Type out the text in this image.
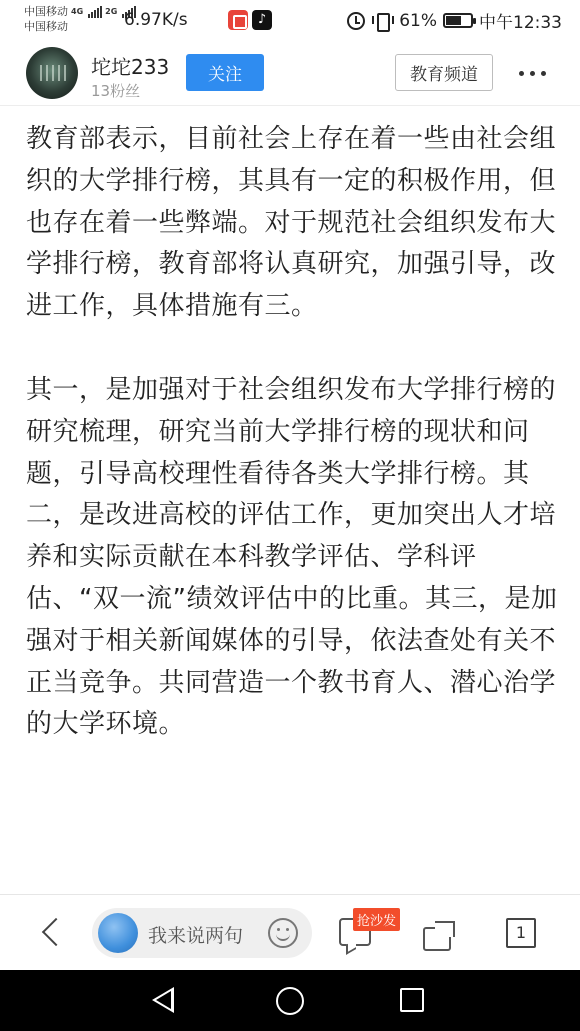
中国移动 4G	2G
中国移动	6.97K/s	♪	61% 中午12:33
坨坨233
13粉丝
关注	教育频道

教育部表示，目前社会上存在着一些由社会组织的大学排行榜，其具有一定的积极作用，但也存在着一些弊端。对于规范社会组织发布大学排行榜，教育部将认真研究，加强引导，改进工作，具体措施有三。

其一，是加强对于社会组织发布大学排行榜的研究梳理，研究当前大学排行榜的现状和问题，引导高校理性看待各类大学排行榜。其二，是改进高校的评估工作，更加突出人才培养和实际贡献在本科教学评估、学科评估、“双一流”绩效评估中的比重。其三，是加强对于相关新闻媒体的引导，依法查处有关不正当竞争。共同营造一个教书育人、潜心治学的大学环境。

我来说两句
抢沙发
1
